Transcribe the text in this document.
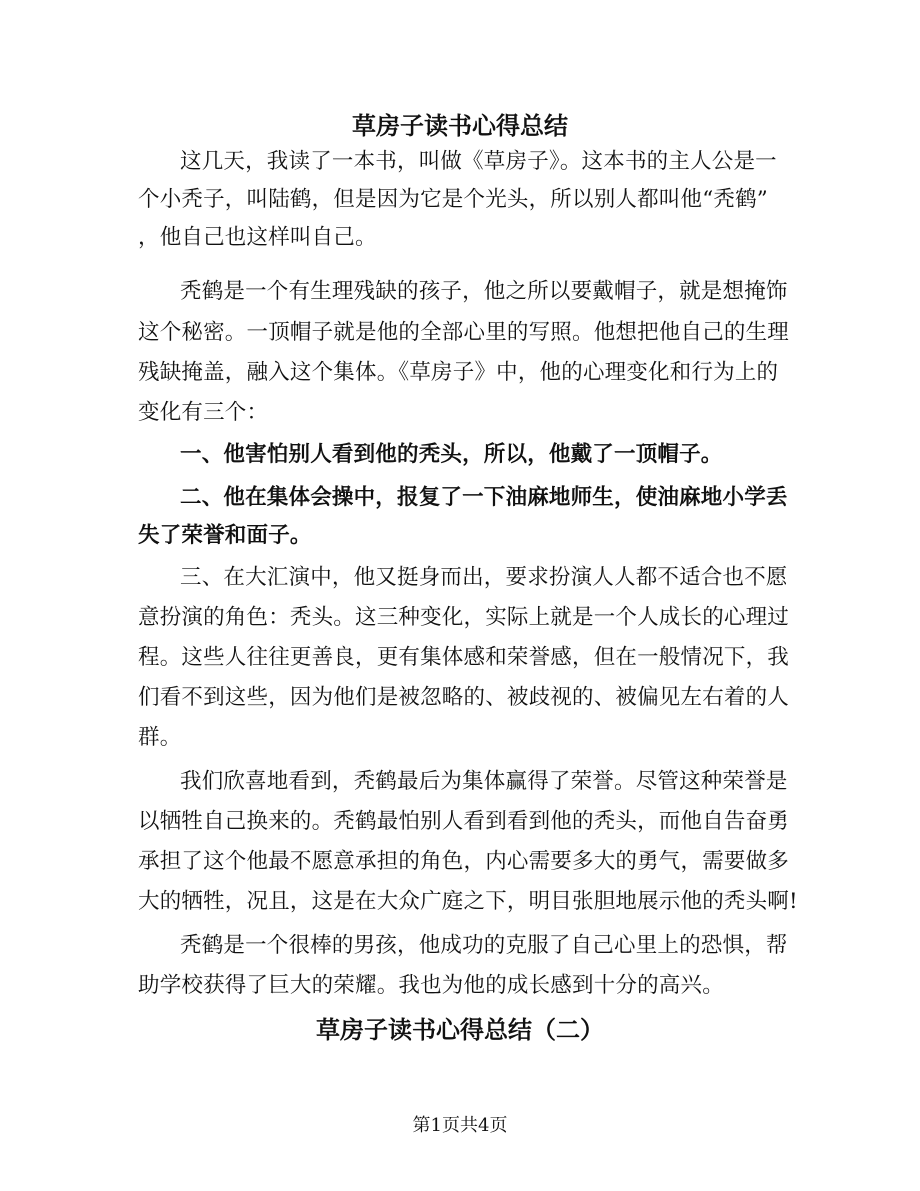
草房子读书心得总结
这几天，我读了一本书，叫做《草房子》。这本书的主人公是一
个小秃子，叫陆鹤，但是因为它是个光头，所以别人都叫他“秃鹤”
，他自己也这样叫自己。
秃鹤是一个有生理残缺的孩子，他之所以要戴帽子，就是想掩饰
这个秘密。一顶帽子就是他的全部心里的写照。他想把他自己的生理
残缺掩盖，融入这个集体。《草房子》中，他的心理变化和行为上的
变化有三个：
一、他害怕别人看到他的秃头，所以，他戴了一顶帽子。
二、他在集体会操中，报复了一下油麻地师生，使油麻地小学丢
失了荣誉和面子。
三、在大汇演中，他又挺身而出，要求扮演人人都不适合也不愿
意扮演的角色：秃头。这三种变化，实际上就是一个人成长的心理过
程。这些人往往更善良，更有集体感和荣誉感，但在一般情况下，我
们看不到这些，因为他们是被忽略的、被歧视的、被偏见左右着的人
群。
我们欣喜地看到，秃鹤最后为集体赢得了荣誉。尽管这种荣誉是
以牺牲自己换来的。秃鹤最怕别人看到看到他的秃头，而他自告奋勇
承担了这个他最不愿意承担的角色，内心需要多大的勇气，需要做多
大的牺牲，况且，这是在大众广庭之下，明目张胆地展示他的秃头啊!
秃鹤是一个很棒的男孩，他成功的克服了自己心里上的恐惧，帮
助学校获得了巨大的荣耀。我也为他的成长感到十分的高兴。
草房子读书心得总结（二）
第1页共4页
